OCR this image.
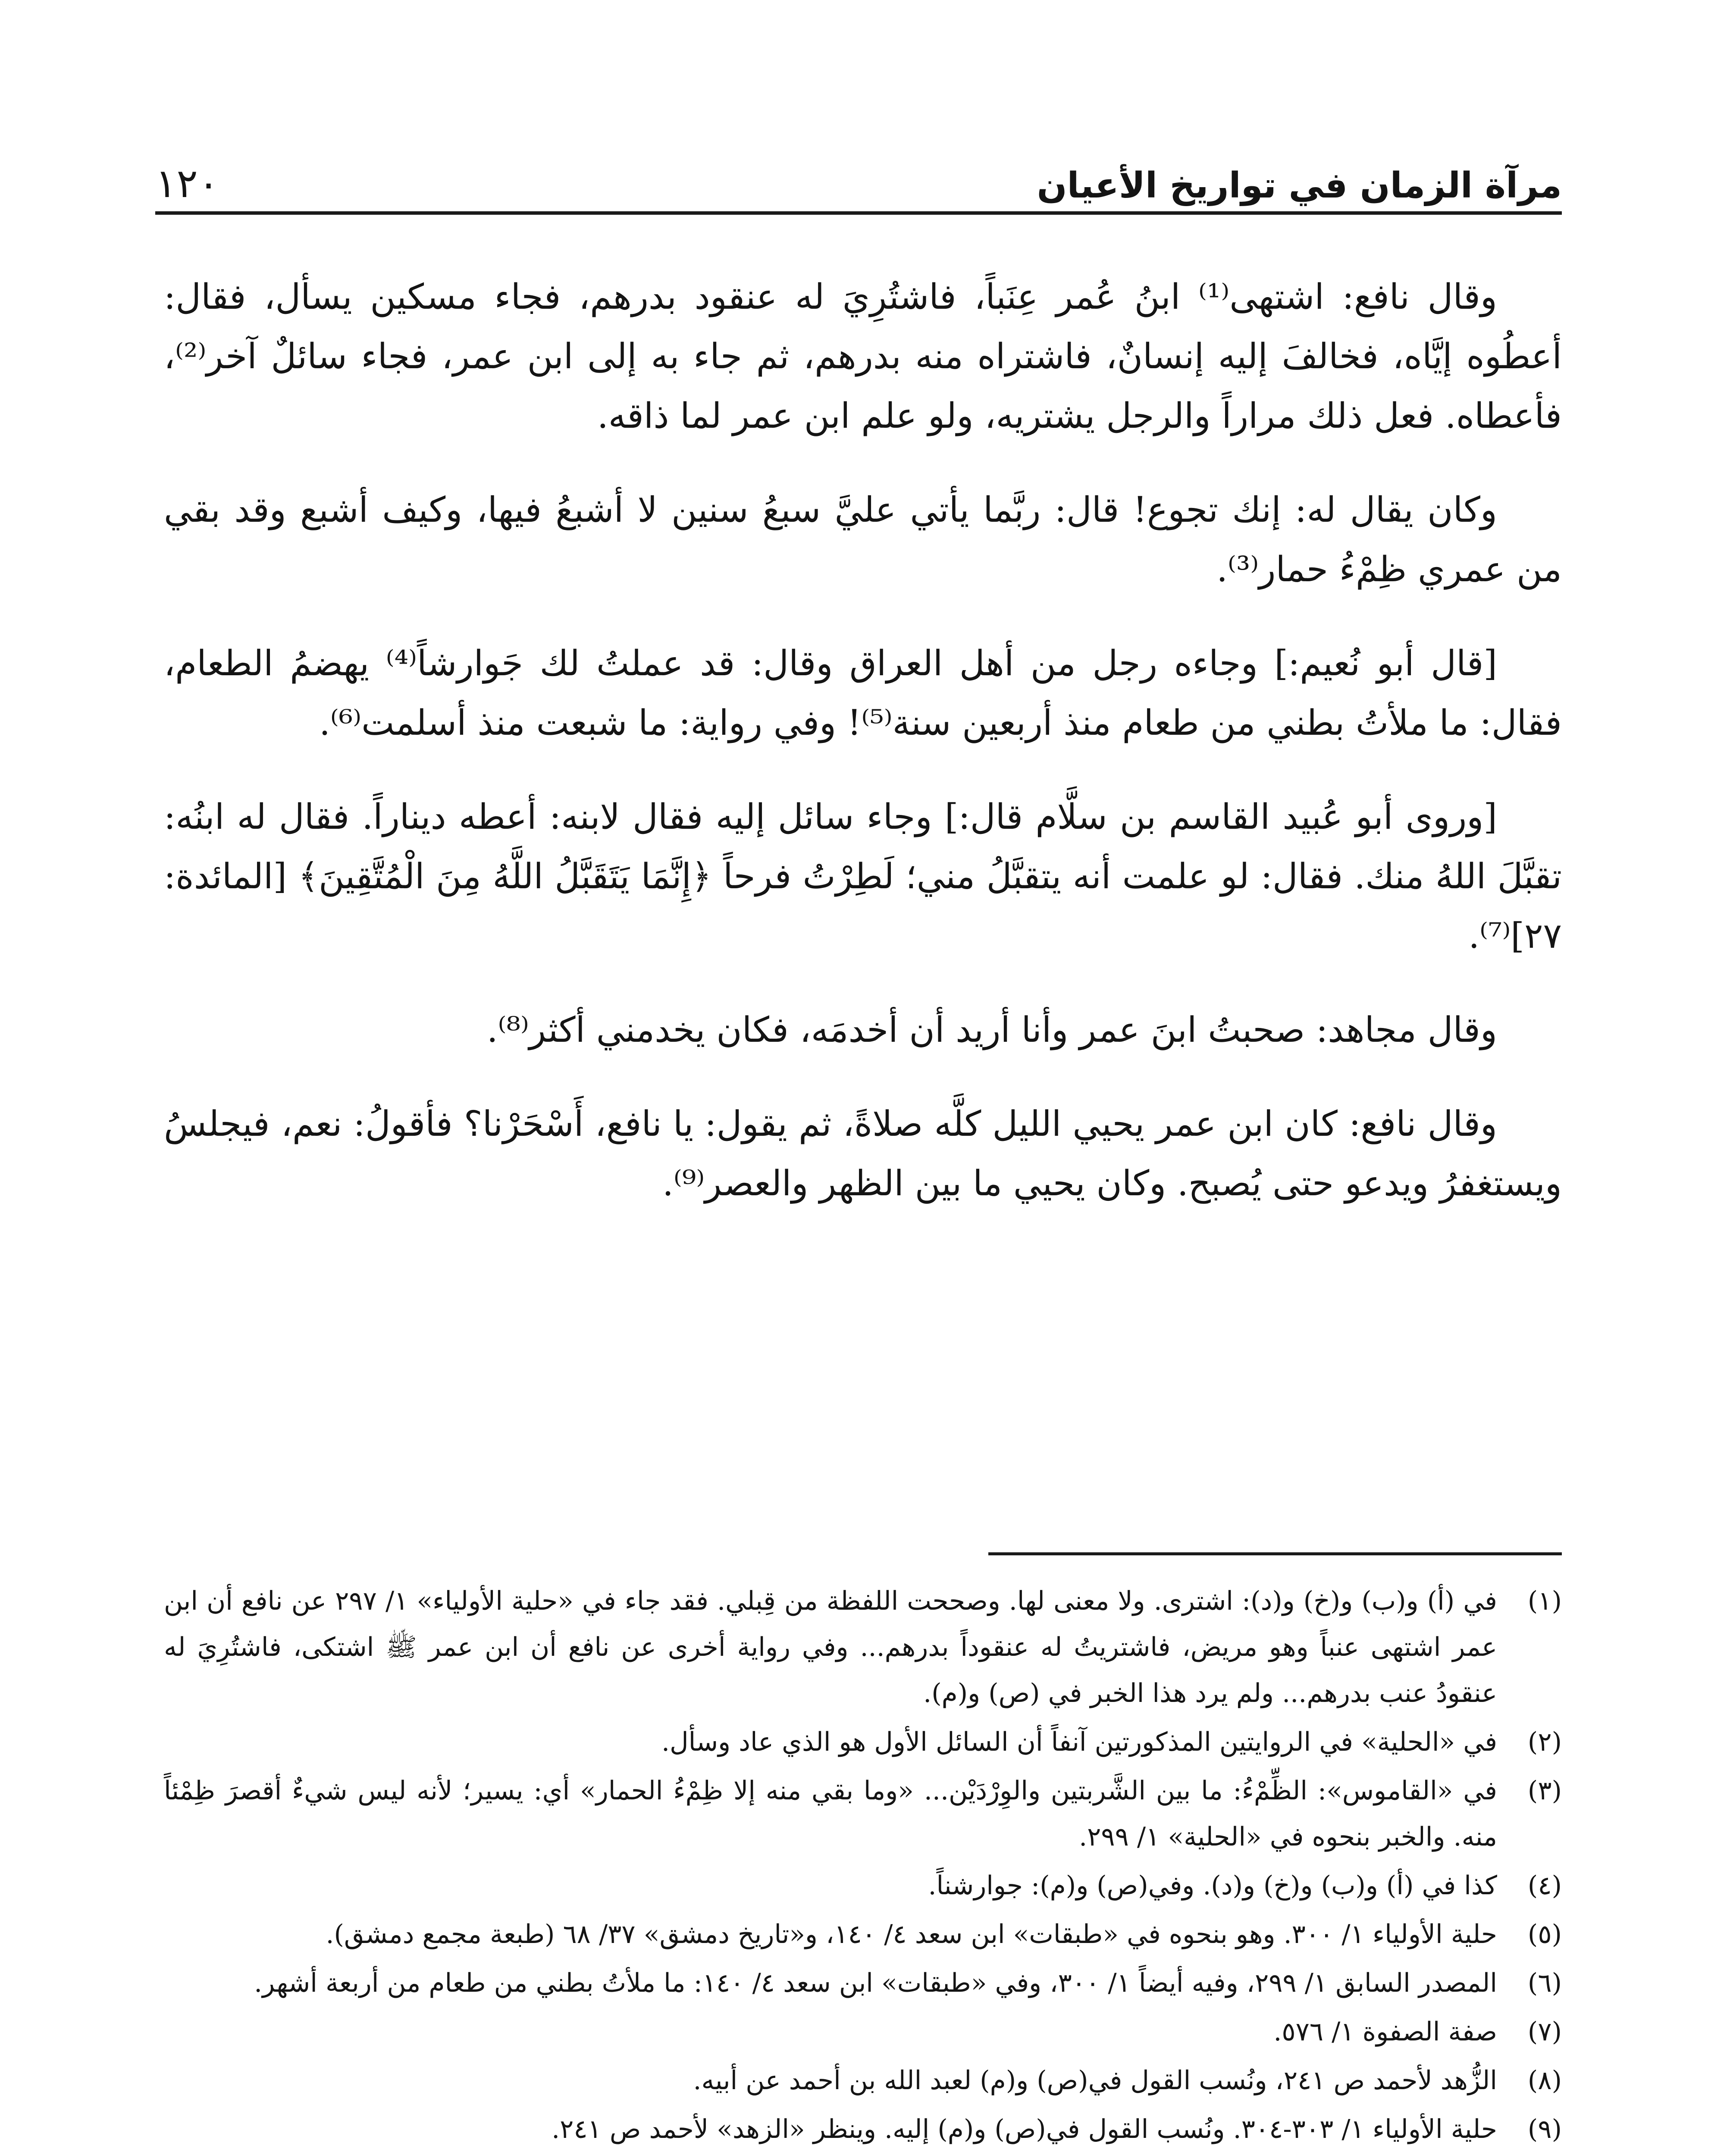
مرآة الزمان في تواريخ الأعيان
١٢٠

وقال نافع: اشتهى⁽¹⁾ ابنُ عُمر عِنَباً، فاشتُرِيَ له عنقود بدرهم، فجاء مسكين يسأل، فقال: أعطُوه إيَّاه، فخالفَ إليه إنسانٌ، فاشتراه منه بدرهم، ثم جاء به إلى ابن عمر، فجاء سائلٌ آخر⁽²⁾، فأعطاه. فعل ذلك مراراً والرجل يشتريه، ولو علم ابن عمر لما ذاقه.

وكان يقال له: إنك تجوع! قال: ربَّما يأتي عليَّ سبعُ سنين لا أشبعُ فيها، وكيف أشبع وقد بقي من عمري ظِمْءُ حمار⁽³⁾.

[قال أبو نُعيم:] وجاءه رجل من أهل العراق وقال: قد عملتُ لك جَوارشاً⁽⁴⁾ يهضمُ الطعام، فقال: ما ملأتُ بطني من طعام منذ أربعين سنة⁽⁵⁾! وفي رواية: ما شبعت منذ أسلمت⁽⁶⁾.

[وروى أبو عُبيد القاسم بن سلَّام قال:] وجاء سائل إليه فقال لابنه: أعطه ديناراً. فقال له ابنُه: تقبَّلَ اللهُ منك. فقال: لو علمت أنه يتقبَّلُ مني؛ لَطِرْتُ فرحاً ﴿إِنَّمَا يَتَقَبَّلُ اللَّهُ مِنَ الْمُتَّقِينَ﴾ [المائدة: ٢٧]⁽⁷⁾.

وقال مجاهد: صحبتُ ابنَ عمر وأنا أريد أن أخدمَه، فكان يخدمني أكثر⁽⁸⁾.

وقال نافع: كان ابن عمر يحيي الليل كلَّه صلاةً، ثم يقول: يا نافع، أَسْحَرْنا؟ فأقولُ: نعم، فيجلسُ ويستغفرُ ويدعو حتى يُصبح. وكان يحيي ما بين الظهر والعصر⁽⁹⁾.

(١)
في (أ) و(ب) و(خ) و(د): اشترى. ولا معنى لها. وصححت اللفظة من قِبلي. فقد جاء في «حلية الأولياء» ١/ ٢٩٧ عن نافع أن ابن عمر اشتهى عنباً وهو مريض، فاشتريتُ له عنقوداً بدرهم... وفي رواية أخرى عن نافع أن ابن عمر ﷺ اشتكى، فاشتُرِيَ له عنقودُ عنب بدرهم... ولم يرد هذا الخبر في (ص) و(م).
(٢)
في «الحلية» في الروايتين المذكورتين آنفاً أن السائل الأول هو الذي عاد وسأل.
(٣)
في «القاموس»: الظِّمْءُ: ما بين الشَّربتين والوِرْدَيْن... «وما بقي منه إلا ظِمْءُ الحمار» أي: يسير؛ لأنه ليس شيءٌ أقصرَ ظِمْئاً منه. والخبر بنحوه في «الحلية» ١/ ٢٩٩.
(٤)
كذا في (أ) و(ب) و(خ) و(د). وفي(ص) و(م): جوارشناً.
(٥)
حلية الأولياء ١/ ٣٠٠. وهو بنحوه في «طبقات» ابن سعد ٤/ ١٤٠، و«تاريخ دمشق» ٣٧/ ٦٨ (طبعة مجمع دمشق).
(٦)
المصدر السابق ١/ ٢٩٩، وفيه أيضاً ١/ ٣٠٠، وفي «طبقات» ابن سعد ٤/ ١٤٠: ما ملأتُ بطني من طعام من أربعة أشهر.
(٧)
صفة الصفوة ١/ ٥٧٦.
(٨)
الزُّهد لأحمد ص ٢٤١، ونُسب القول في(ص) و(م) لعبد الله بن أحمد عن أبيه.
(٩)
حلية الأولياء ١/ ٣٠٣-٣٠٤. ونُسب القول في(ص) و(م) إليه. وينظر «الزهد» لأحمد ص ٢٤١.
